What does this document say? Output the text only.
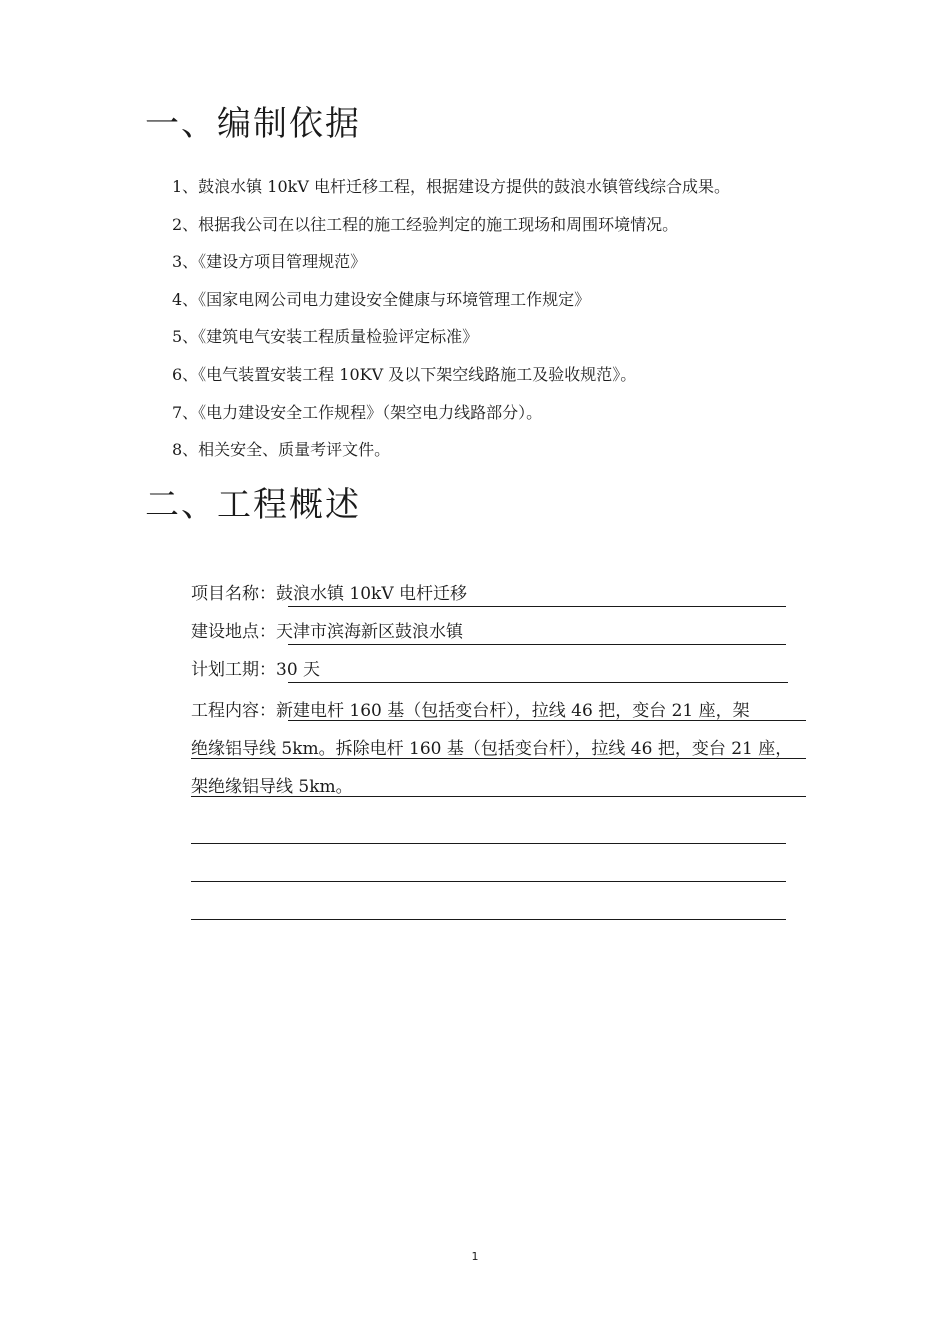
一、编制依据
1、鼓浪水镇 10kV 电杆迁移工程，根据建设方提供的鼓浪水镇管线综合成果。
2、根据我公司在以往工程的施工经验判定的施工现场和周围环境情况。
3、《建设方项目管理规范》
4、《国家电网公司电力建设安全健康与环境管理工作规定》
5、《建筑电气安装工程质量检验评定标准》
6、《电气装置安装工程 10KV 及以下架空线路施工及验收规范》。
7、《电力建设安全工作规程》（架空电力线路部分）。
8、相关安全、质量考评文件。
二、工程概述
项目名称：鼓浪水镇 10kV 电杆迁移
建设地点：天津市滨海新区鼓浪水镇
计划工期：30 天
工程内容：新建电杆 160 基（包括变台杆），拉线 46 把，变台 21 座，架
绝缘铝导线 5km。拆除电杆 160 基（包括变台杆），拉线 46 把，变台 21 座，
架绝缘铝导线 5km。
1
